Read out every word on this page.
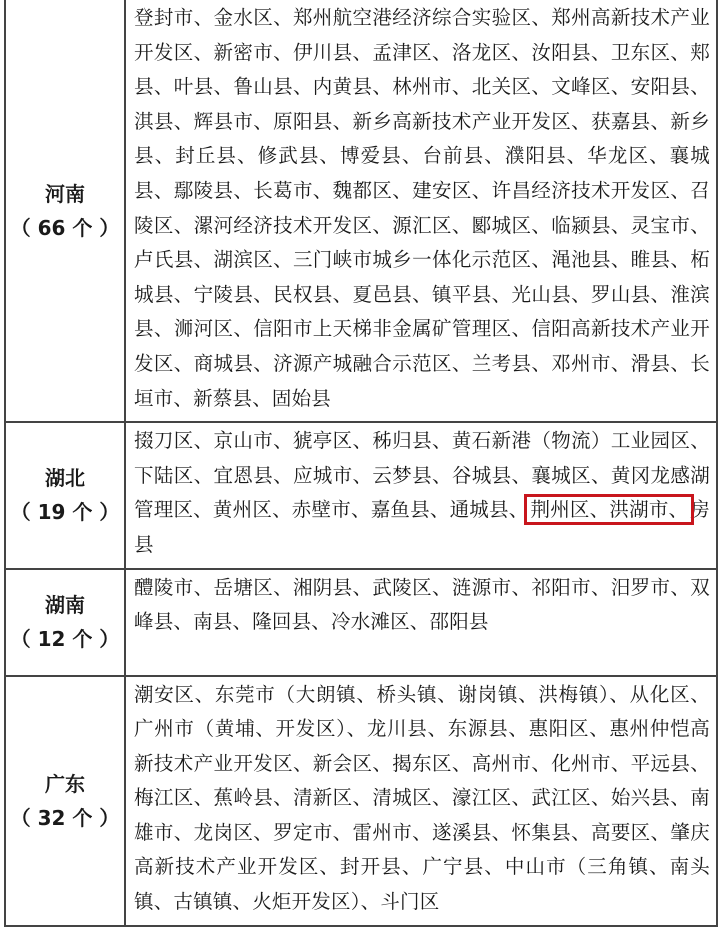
河南
（ 66 个 ）	登封市、金水区、郑州航空港经济综合实验区、郑州高新技术产业开发区、新密市、伊川县、孟津区、洛龙区、汝阳县、卫东区、郏县、叶县、鲁山县、内黄县、林州市、北关区、文峰区、安阳县、淇县、辉县市、原阳县、新乡高新技术产业开发区、获嘉县、新乡县、封丘县、修武县、博爱县、台前县、濮阳县、华龙区、襄城县、鄢陵县、长葛市、魏都区、建安区、许昌经济技术开发区、召陵区、漯河经济技术开发区、源汇区、郾城区、临颍县、灵宝市、卢氏县、湖滨区、三门峡市城乡一体化示范区、渑池县、睢县、柘城县、宁陵县、民权县、夏邑县、镇平县、光山县、罗山县、淮滨县、浉河区、信阳市上天梯非金属矿管理区、信阳高新技术产业开发区、商城县、济源产城融合示范区、兰考县、邓州市、滑县、长垣市、新蔡县、固始县

湖北
（ 19 个 ）	掇刀区、京山市、猇亭区、秭归县、黄石新港（物流）工业园区、下陆区、宜恩县、应城市、云梦县、谷城县、襄城区、黄冈龙感湖管理区、黄州区、赤壁市、嘉鱼县、通城县、 荆州区、洪湖市、 房县

湖南
（ 12 个 ）	醴陵市、岳塘区、湘阴县、武陵区、涟源市、祁阳市、汨罗市、双峰县、南县、隆回县、冷水滩区、邵阳县

广东
（ 32 个 ）	潮安区、东莞市（大朗镇、桥头镇、谢岗镇、洪梅镇）、从化区、广州市（黄埔、开发区）、龙川县、东源县、惠阳区、惠州仲恺高新技术产业开发区、新会区、揭东区、高州市、化州市、平远县、梅江区、蕉岭县、清新区、清城区、濠江区、武江区、始兴县、南雄市、龙岗区、罗定市、雷州市、遂溪县、怀集县、高要区、肇庆高新技术产业开发区、封开县、广宁县、中山市（三角镇、南头镇、古镇镇、火炬开发区）、斗门区
